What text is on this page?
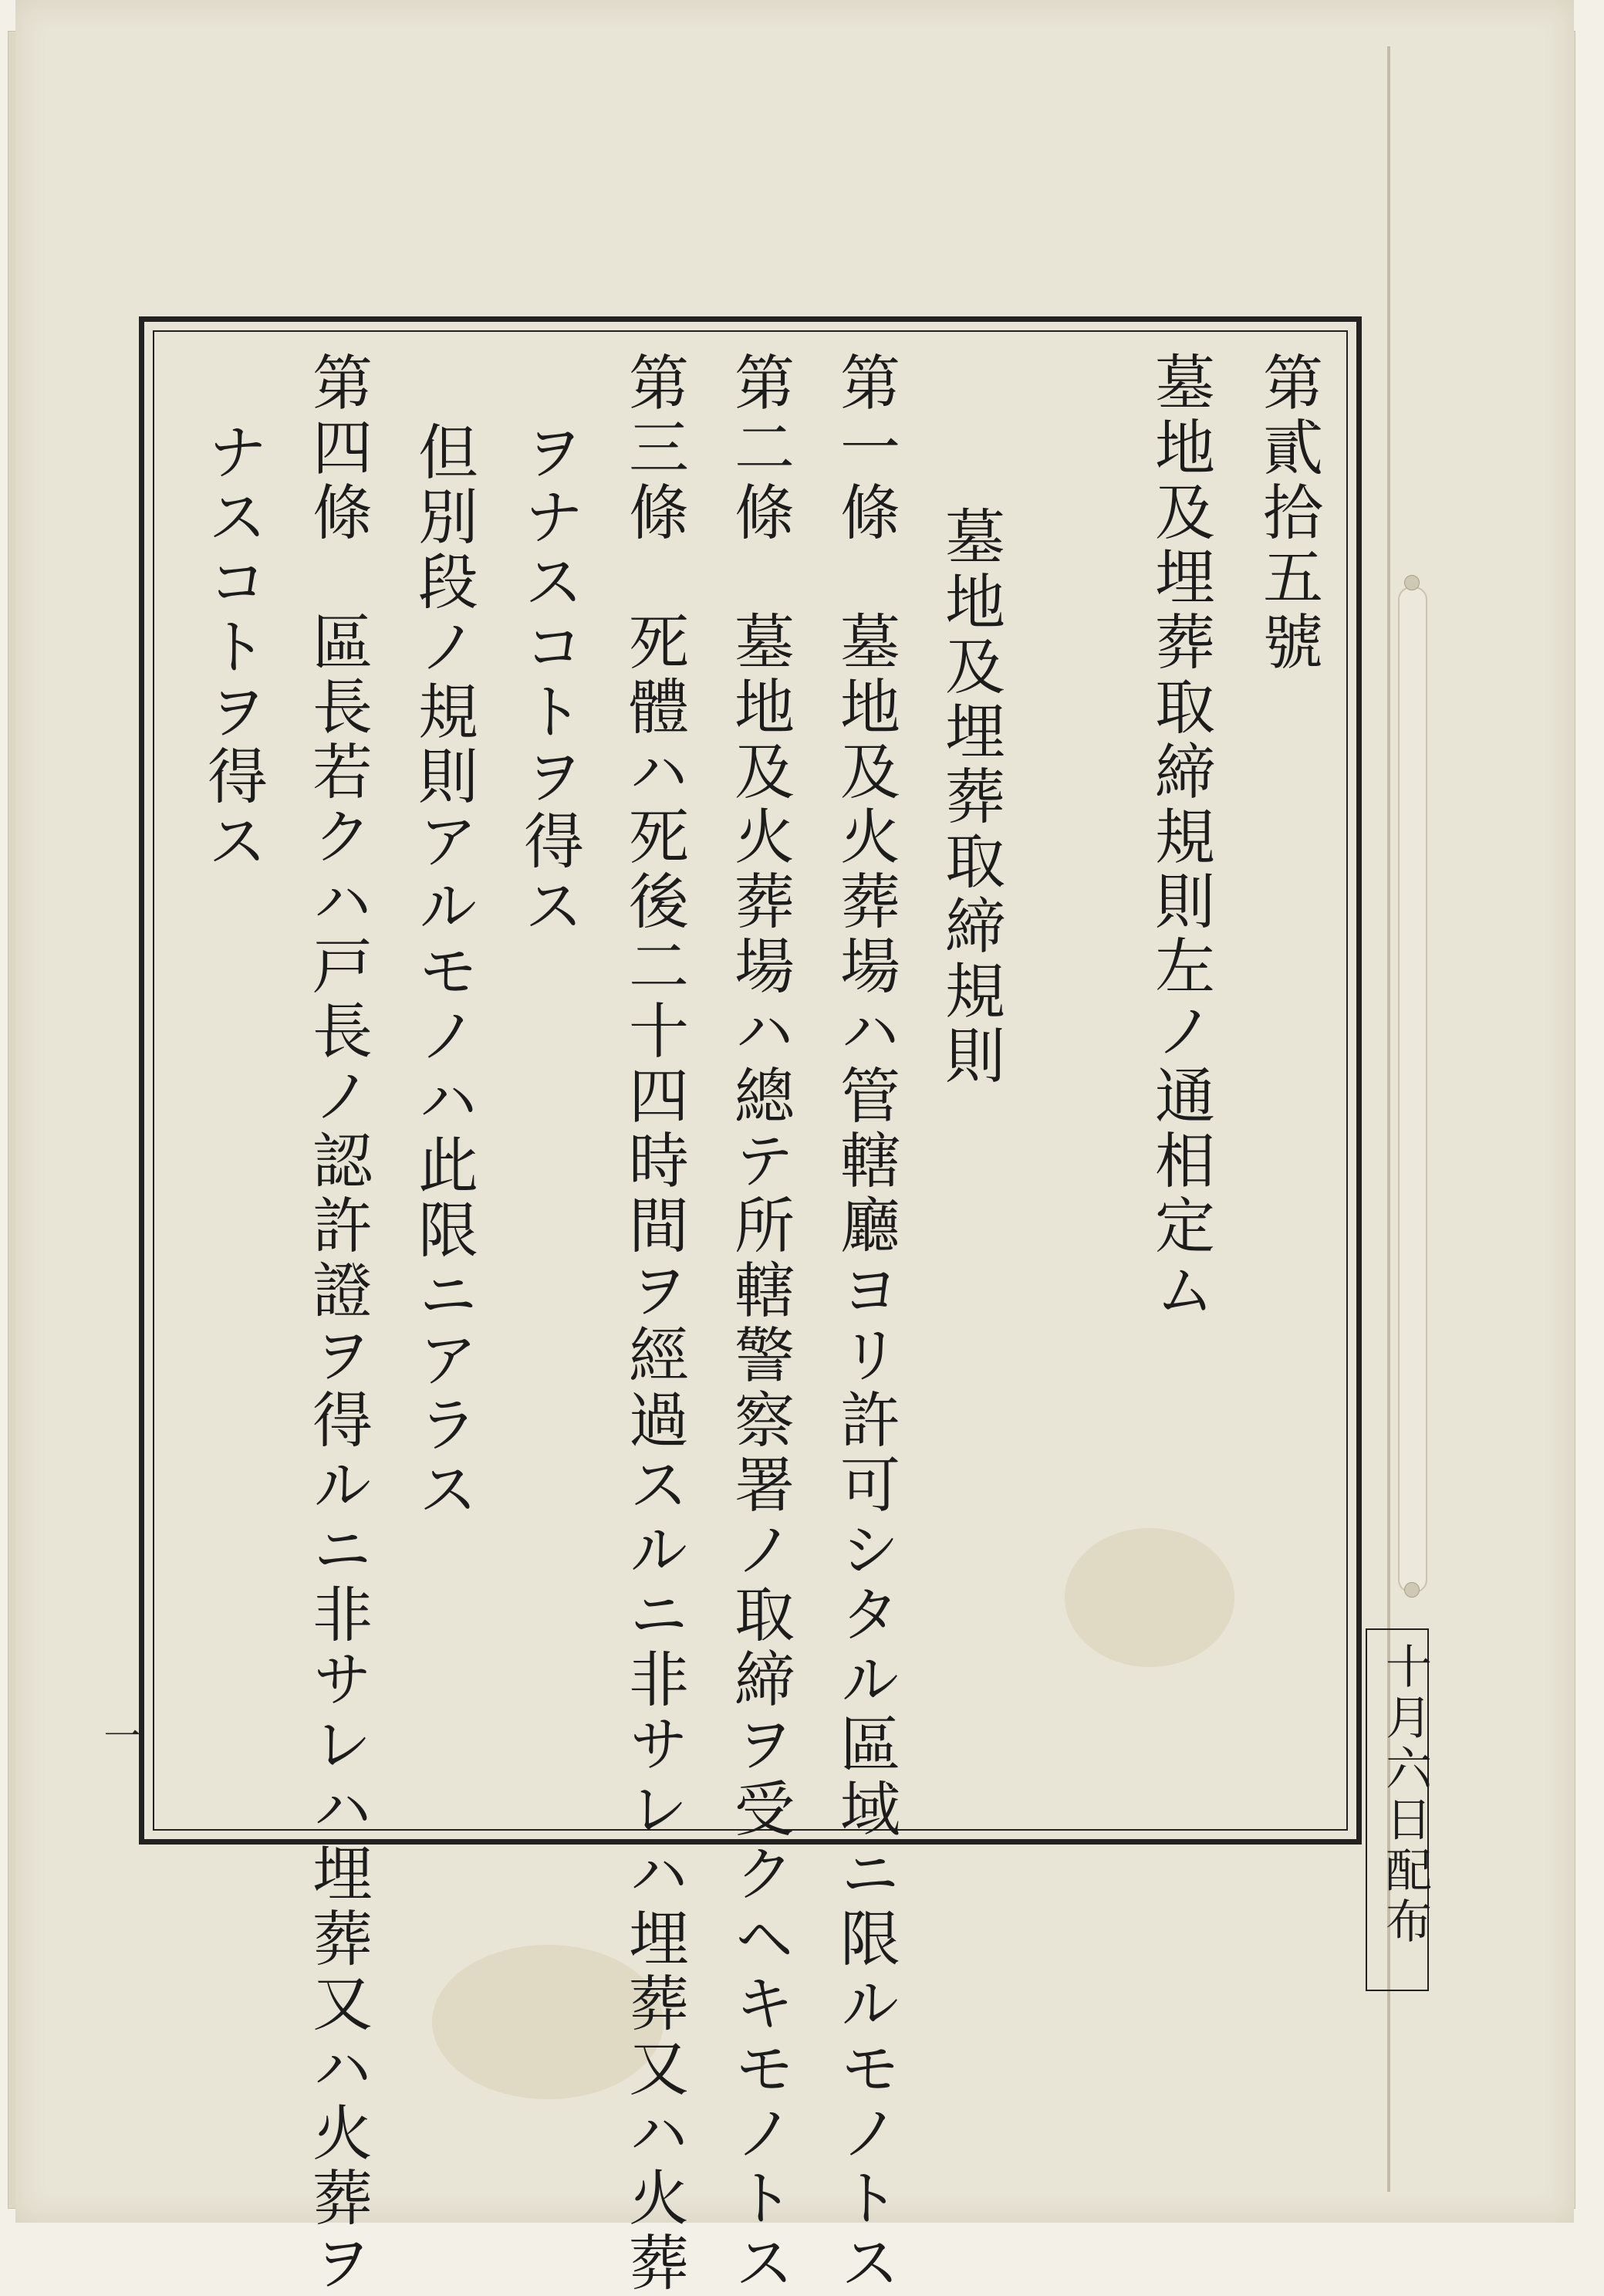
第貳拾五號

墓地及埋葬取締規則左ノ通相定ム

墓地及埋葬取締規則

第一條　墓地及火葬場ハ管轄廳ヨリ許可シタル區域ニ限ルモノトス

第二條　墓地及火葬場ハ總テ所轄警察署ノ取締ヲ受クヘキモノトス

第三條　死體ハ死後二十四時間ヲ經過スルニ非サレハ埋葬又ハ火葬

ヲナスコトヲ得ス

但別段ノ規則アルモノハ此限ニアラス

第四條　區長若クハ戸長ノ認許證ヲ得ルニ非サレハ埋葬又ハ火葬ヲ

ナスコトヲ得ス

十月六日配布
一
